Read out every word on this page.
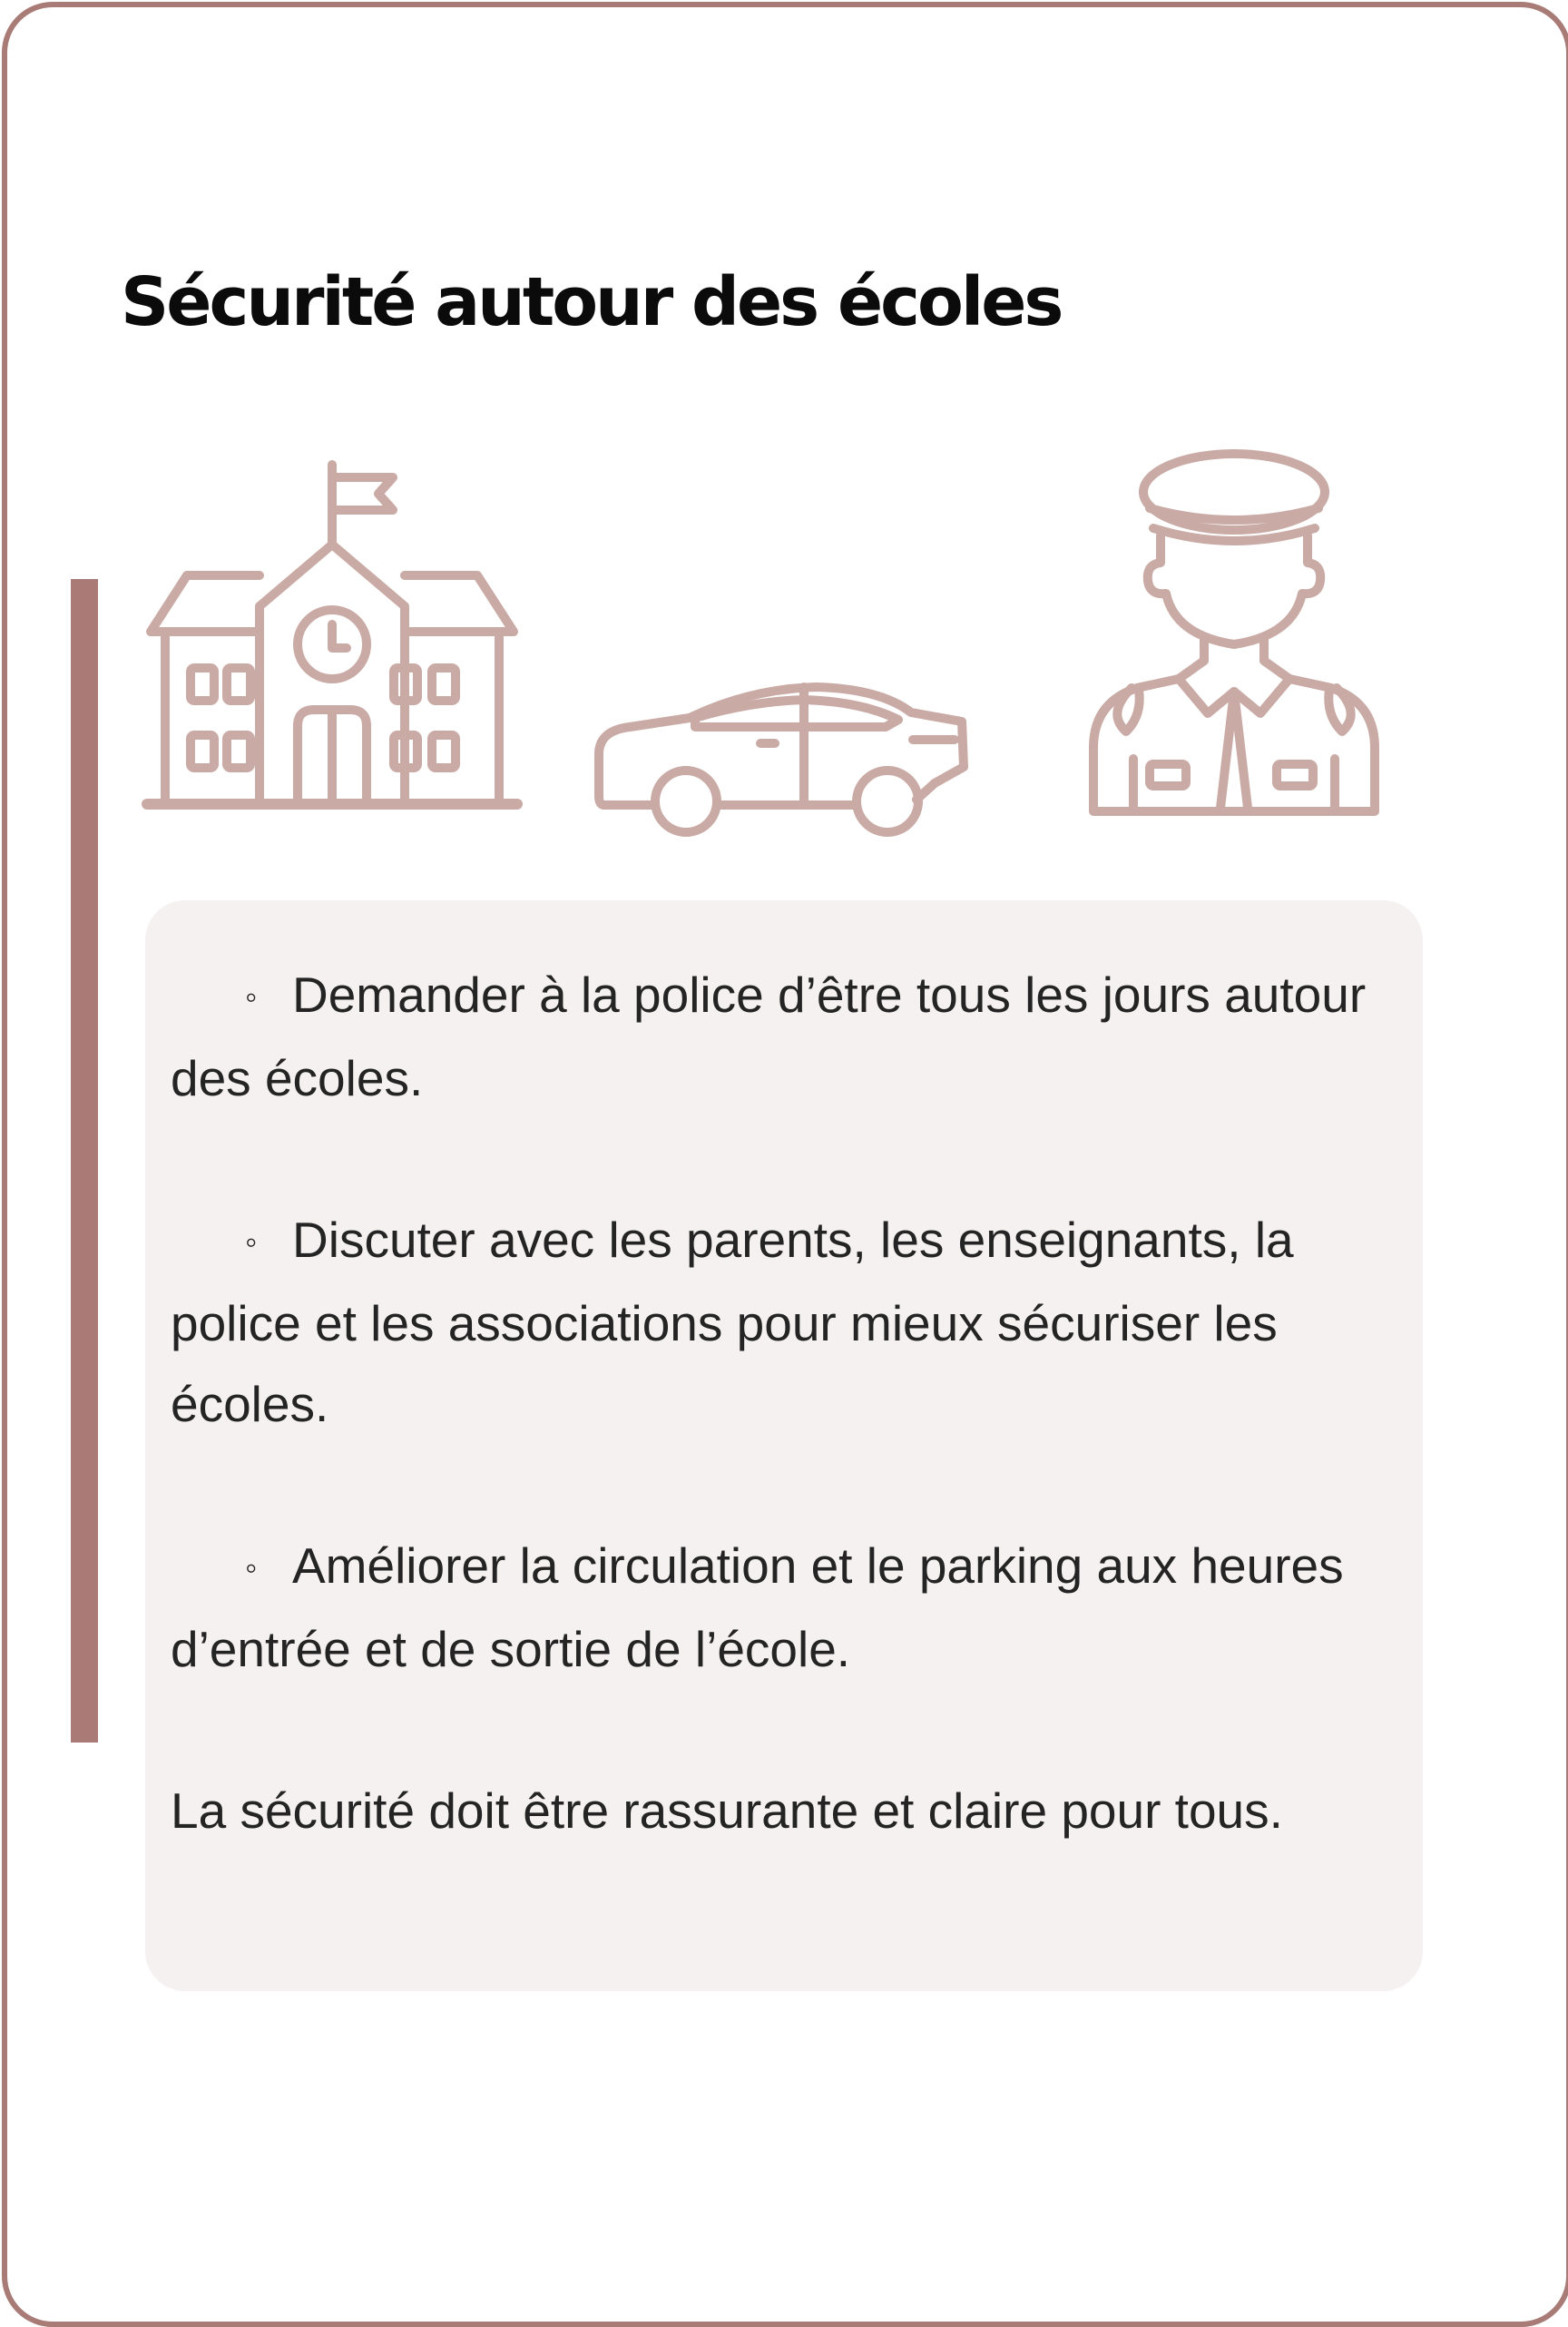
Sécurité autour des écoles

◦ Demander à la police d’être tous les jours autour des écoles.

◦ Discuter avec les parents, les enseignants, la police et les associations pour mieux sécuriser les écoles.

◦ Améliorer la circulation et le parking aux heures d’entrée et de sortie de l’école.

La sécurité doit être rassurante et claire pour tous.
